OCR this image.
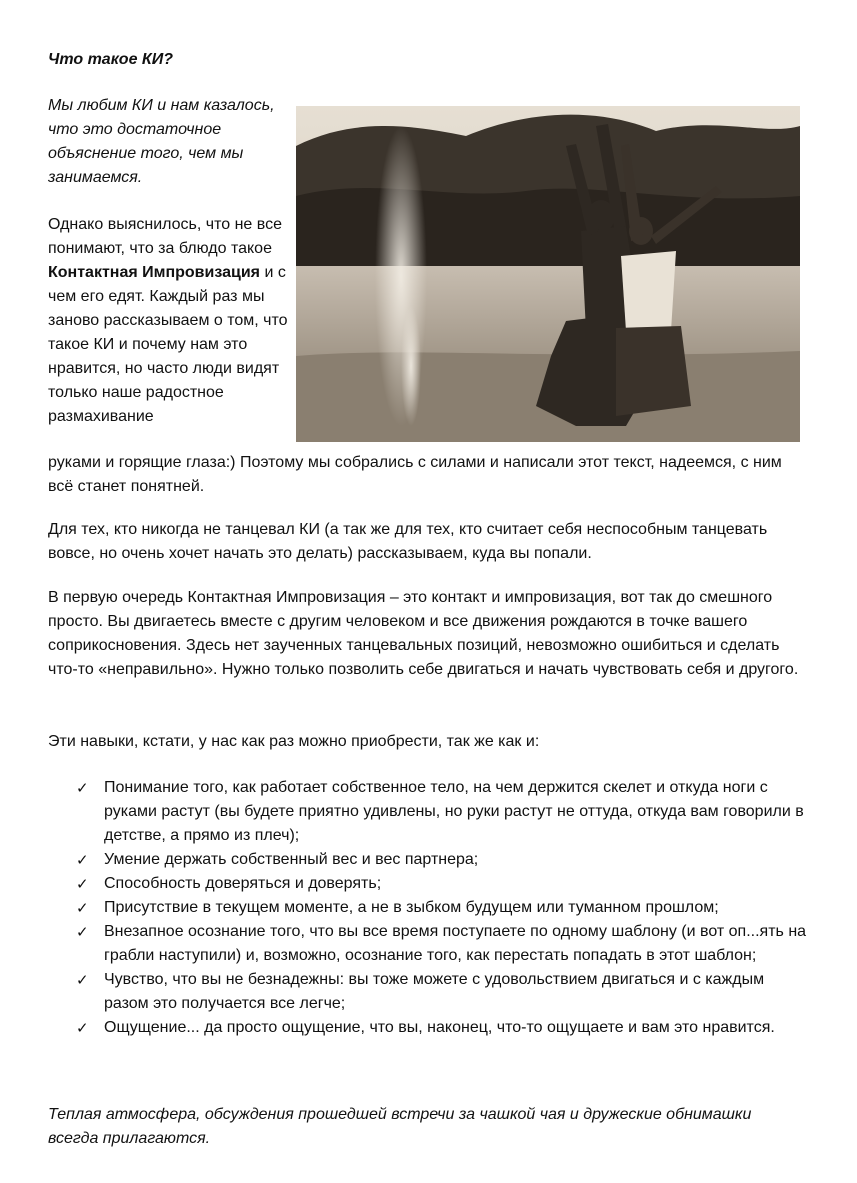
Что такое КИ?

Мы любим КИ и нам казалось, что это достаточное объяснение того, чем мы занимаемся.

Однако выяснилось, что не все понимают, что за блюдо такое Контактная Импровизация и с чем его едят. Каждый раз мы заново рассказываем о том, что такое КИ и почему нам это нравится, но часто люди видят только наше радостное размахивание

руками и горящие глаза:) Поэтому мы собрались с силами и написали этот текст, надеемся, с ним всё станет понятней.

Для тех, кто никогда не танцевал КИ (а так же для тех, кто считает себя неспособным танцевать вовсе, но очень хочет начать это делать) рассказываем, куда вы попали.

В первую очередь Контактная Импровизация – это контакт и импровизация, вот так до смешного просто. Вы двигаетесь вместе с другим человеком и все движения рождаются в точке вашего соприкосновения. Здесь нет заученных танцевальных позиций, невозможно ошибиться и сделать что-то «неправильно». Нужно только позволить себе двигаться и начать чувствовать себя и другого.

Эти навыки, кстати, у нас как раз можно приобрести, так же как и:

✓ Понимание того, как работает собственное тело, на чем держится скелет и откуда ноги с руками растут (вы будете приятно удивлены, но руки растут не оттуда, откуда вам говорили в детстве, а прямо из плеч);
✓ Умение держать собственный вес и вес партнера;
✓ Способность доверяться и доверять;
✓ Присутствие в текущем моменте, а не в зыбком будущем или туманном прошлом;
✓ Внезапное осознание того, что вы все время поступаете по одному шаблону (и вот оп...ять на грабли наступили) и, возможно, осознание того, как перестать попадать в этот шаблон;
✓ Чувство, что вы не безнадежны: вы тоже можете с удовольствием двигаться и с каждым разом это получается все легче;
✓ Ощущение... да просто ощущение, что вы, наконец, что-то ощущаете и вам это нравится.

Теплая атмосфера, обсуждения прошедшей встречи за чашкой чая и дружеские обнимашки всегда прилагаются.
